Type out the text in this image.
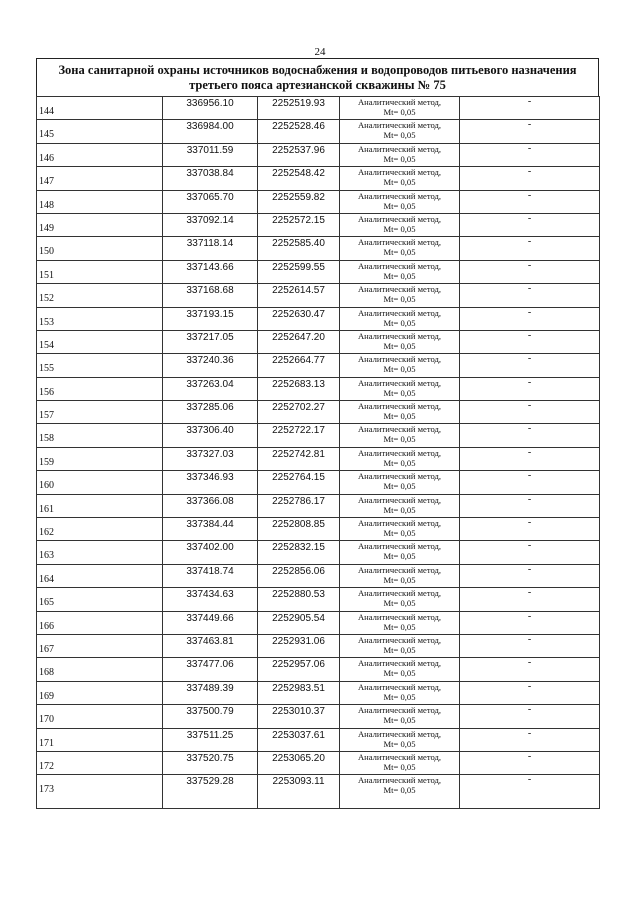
24
Зона санитарной охраны источников водоснабжения и водопроводов питьевого назначения
третьего пояса артезианской скважины № 75
144	336956.10	2252519.93	Аналитический метод,
Mt= 0,05	-
145	336984.00	2252528.46	Аналитический метод,
Mt= 0,05	-
146	337011.59	2252537.96	Аналитический метод,
Mt= 0,05	-
147	337038.84	2252548.42	Аналитический метод,
Mt= 0,05	-
148	337065.70	2252559.82	Аналитический метод,
Mt= 0,05	-
149	337092.14	2252572.15	Аналитический метод,
Mt= 0,05	-
150	337118.14	2252585.40	Аналитический метод,
Mt= 0,05	-
151	337143.66	2252599.55	Аналитический метод,
Mt= 0,05	-
152	337168.68	2252614.57	Аналитический метод,
Mt= 0,05	-
153	337193.15	2252630.47	Аналитический метод,
Mt= 0,05	-
154	337217.05	2252647.20	Аналитический метод,
Mt= 0,05	-
155	337240.36	2252664.77	Аналитический метод,
Mt= 0,05	-
156	337263.04	2252683.13	Аналитический метод,
Mt= 0,05	-
157	337285.06	2252702.27	Аналитический метод,
Mt= 0,05	-
158	337306.40	2252722.17	Аналитический метод,
Mt= 0,05	-
159	337327.03	2252742.81	Аналитический метод,
Mt= 0,05	-
160	337346.93	2252764.15	Аналитический метод,
Mt= 0,05	-
161	337366.08	2252786.17	Аналитический метод,
Mt= 0,05	-
162	337384.44	2252808.85	Аналитический метод,
Mt= 0,05	-
163	337402.00	2252832.15	Аналитический метод,
Mt= 0,05	-
164	337418.74	2252856.06	Аналитический метод,
Mt= 0,05	-
165	337434.63	2252880.53	Аналитический метод,
Mt= 0,05	-
166	337449.66	2252905.54	Аналитический метод,
Mt= 0,05	-
167	337463.81	2252931.06	Аналитический метод,
Mt= 0,05	-
168	337477.06	2252957.06	Аналитический метод,
Mt= 0,05	-
169	337489.39	2252983.51	Аналитический метод,
Mt= 0,05	-
170	337500.79	2253010.37	Аналитический метод,
Mt= 0,05	-
171	337511.25	2253037.61	Аналитический метод,
Mt= 0,05	-
172	337520.75	2253065.20	Аналитический метод,
Mt= 0,05	-
173	337529.28	2253093.11	Аналитический метод,
Mt= 0,05	-
